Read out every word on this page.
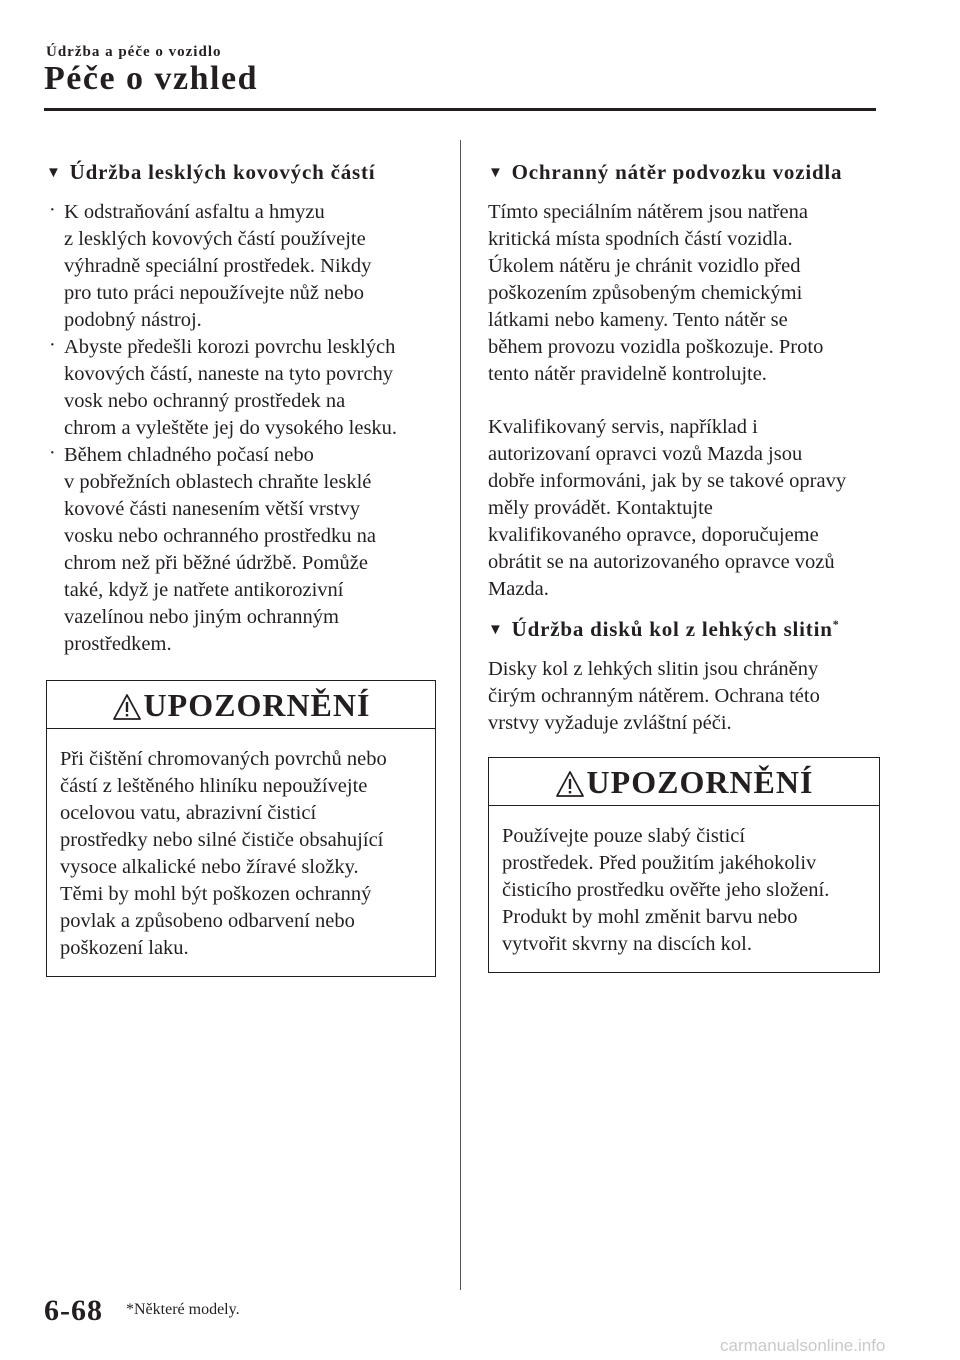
Údržba a péče o vozidlo
Péče o vzhled
▼ Údržba lesklých kovových částí
· K odstraňování asfaltu a hmyzu
z lesklých kovových částí používejte
výhradně speciální prostředek. Nikdy
pro tuto práci nepoužívejte nůž nebo
podobný nástroj.
· Abyste předešli korozi povrchu lesklých
kovových částí, naneste na tyto povrchy
vosk nebo ochranný prostředek na
chrom a vyleštěte jej do vysokého lesku.
· Během chladného počasí nebo
v pobřežních oblastech chraňte lesklé
kovové části nanesením větší vrstvy
vosku nebo ochranného prostředku na
chrom než při běžné údržbě. Pomůže
také, když je natřete antikorozivní
vazelínou nebo jiným ochranným
prostředkem.
UPOZORNĚNÍ
Při čištění chromovaných povrchů nebo
částí z leštěného hliníku nepoužívejte
ocelovou vatu, abrazivní čisticí
prostředky nebo silné čističe obsahující
vysoce alkalické nebo žíravé složky.
Těmi by mohl být poškozen ochranný
povlak a způsobeno odbarvení nebo
poškození laku.
▼ Ochranný nátěr podvozku vozidla
Tímto speciálním nátěrem jsou natřena
kritická místa spodních částí vozidla.
Úkolem nátěru je chránit vozidlo před
poškozením způsobeným chemickými
látkami nebo kameny. Tento nátěr se
během provozu vozidla poškozuje. Proto
tento nátěr pravidelně kontrolujte.
Kvalifikovaný servis, například i
autorizovaní opravci vozů Mazda jsou
dobře informováni, jak by se takové opravy
měly provádět. Kontaktujte
kvalifikovaného opravce, doporučujeme
obrátit se na autorizovaného opravce vozů
Mazda.
▼ Údržba disků kol z lehkých slitin*
Disky kol z lehkých slitin jsou chráněny
čirým ochranným nátěrem. Ochrana této
vrstvy vyžaduje zvláštní péči.
UPOZORNĚNÍ
Používejte pouze slabý čisticí
prostředek. Před použitím jakéhokoliv
čisticího prostředku ověřte jeho složení.
Produkt by mohl změnit barvu nebo
vytvořit skvrny na discích kol.
6-68 *Některé modely.
carmanualsonline.info
